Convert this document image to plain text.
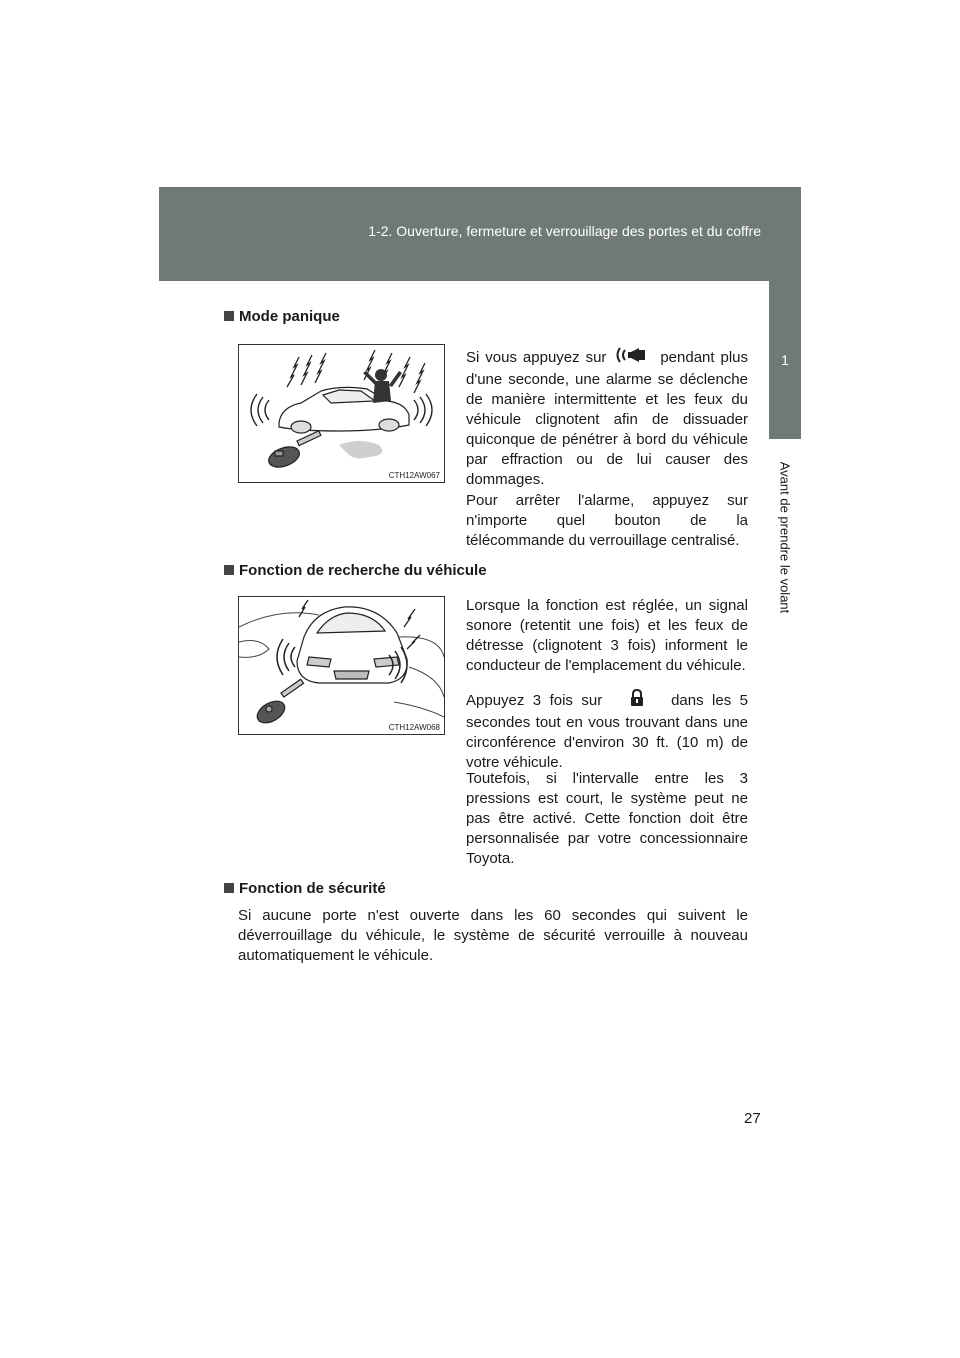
1-2. Ouverture, fermeture et verrouillage des portes et du coffre
1
Avant de prendre le volant
Mode panique
CTH12AW067

Si vous appuyez sur	pendant plus d'une seconde, une alarme se déclenche de manière intermittente et les feux du véhicule clignotent afin de dissuader quiconque de pénétrer à bord du véhicule par effraction ou de lui causer des dommages.

Pour arrêter l'alarme, appuyez sur n'importe quel bouton de la télécommande du verrouillage centralisé.

Fonction de recherche du véhicule
CTH12AW068

Lorsque la fonction est réglée, un signal sonore (retentit une fois) et les feux de détresse (clignotent 3 fois) informent le conducteur de l'emplacement du véhicule.

Appuyez 3 fois sur	dans les 5 secondes tout en vous trouvant dans une circonférence d'environ 30 ft. (10 m) de votre véhicule.

Toutefois, si l'intervalle entre les 3 pressions est court, le système peut ne pas être activé. Cette fonction doit être personnalisée par votre concessionnaire Toyota.

Fonction de sécurité

Si aucune porte n'est ouverte dans les 60 secondes qui suivent le déverrouillage du véhicule, le système de sécurité verrouille à nouveau automatiquement le véhicule.

27
